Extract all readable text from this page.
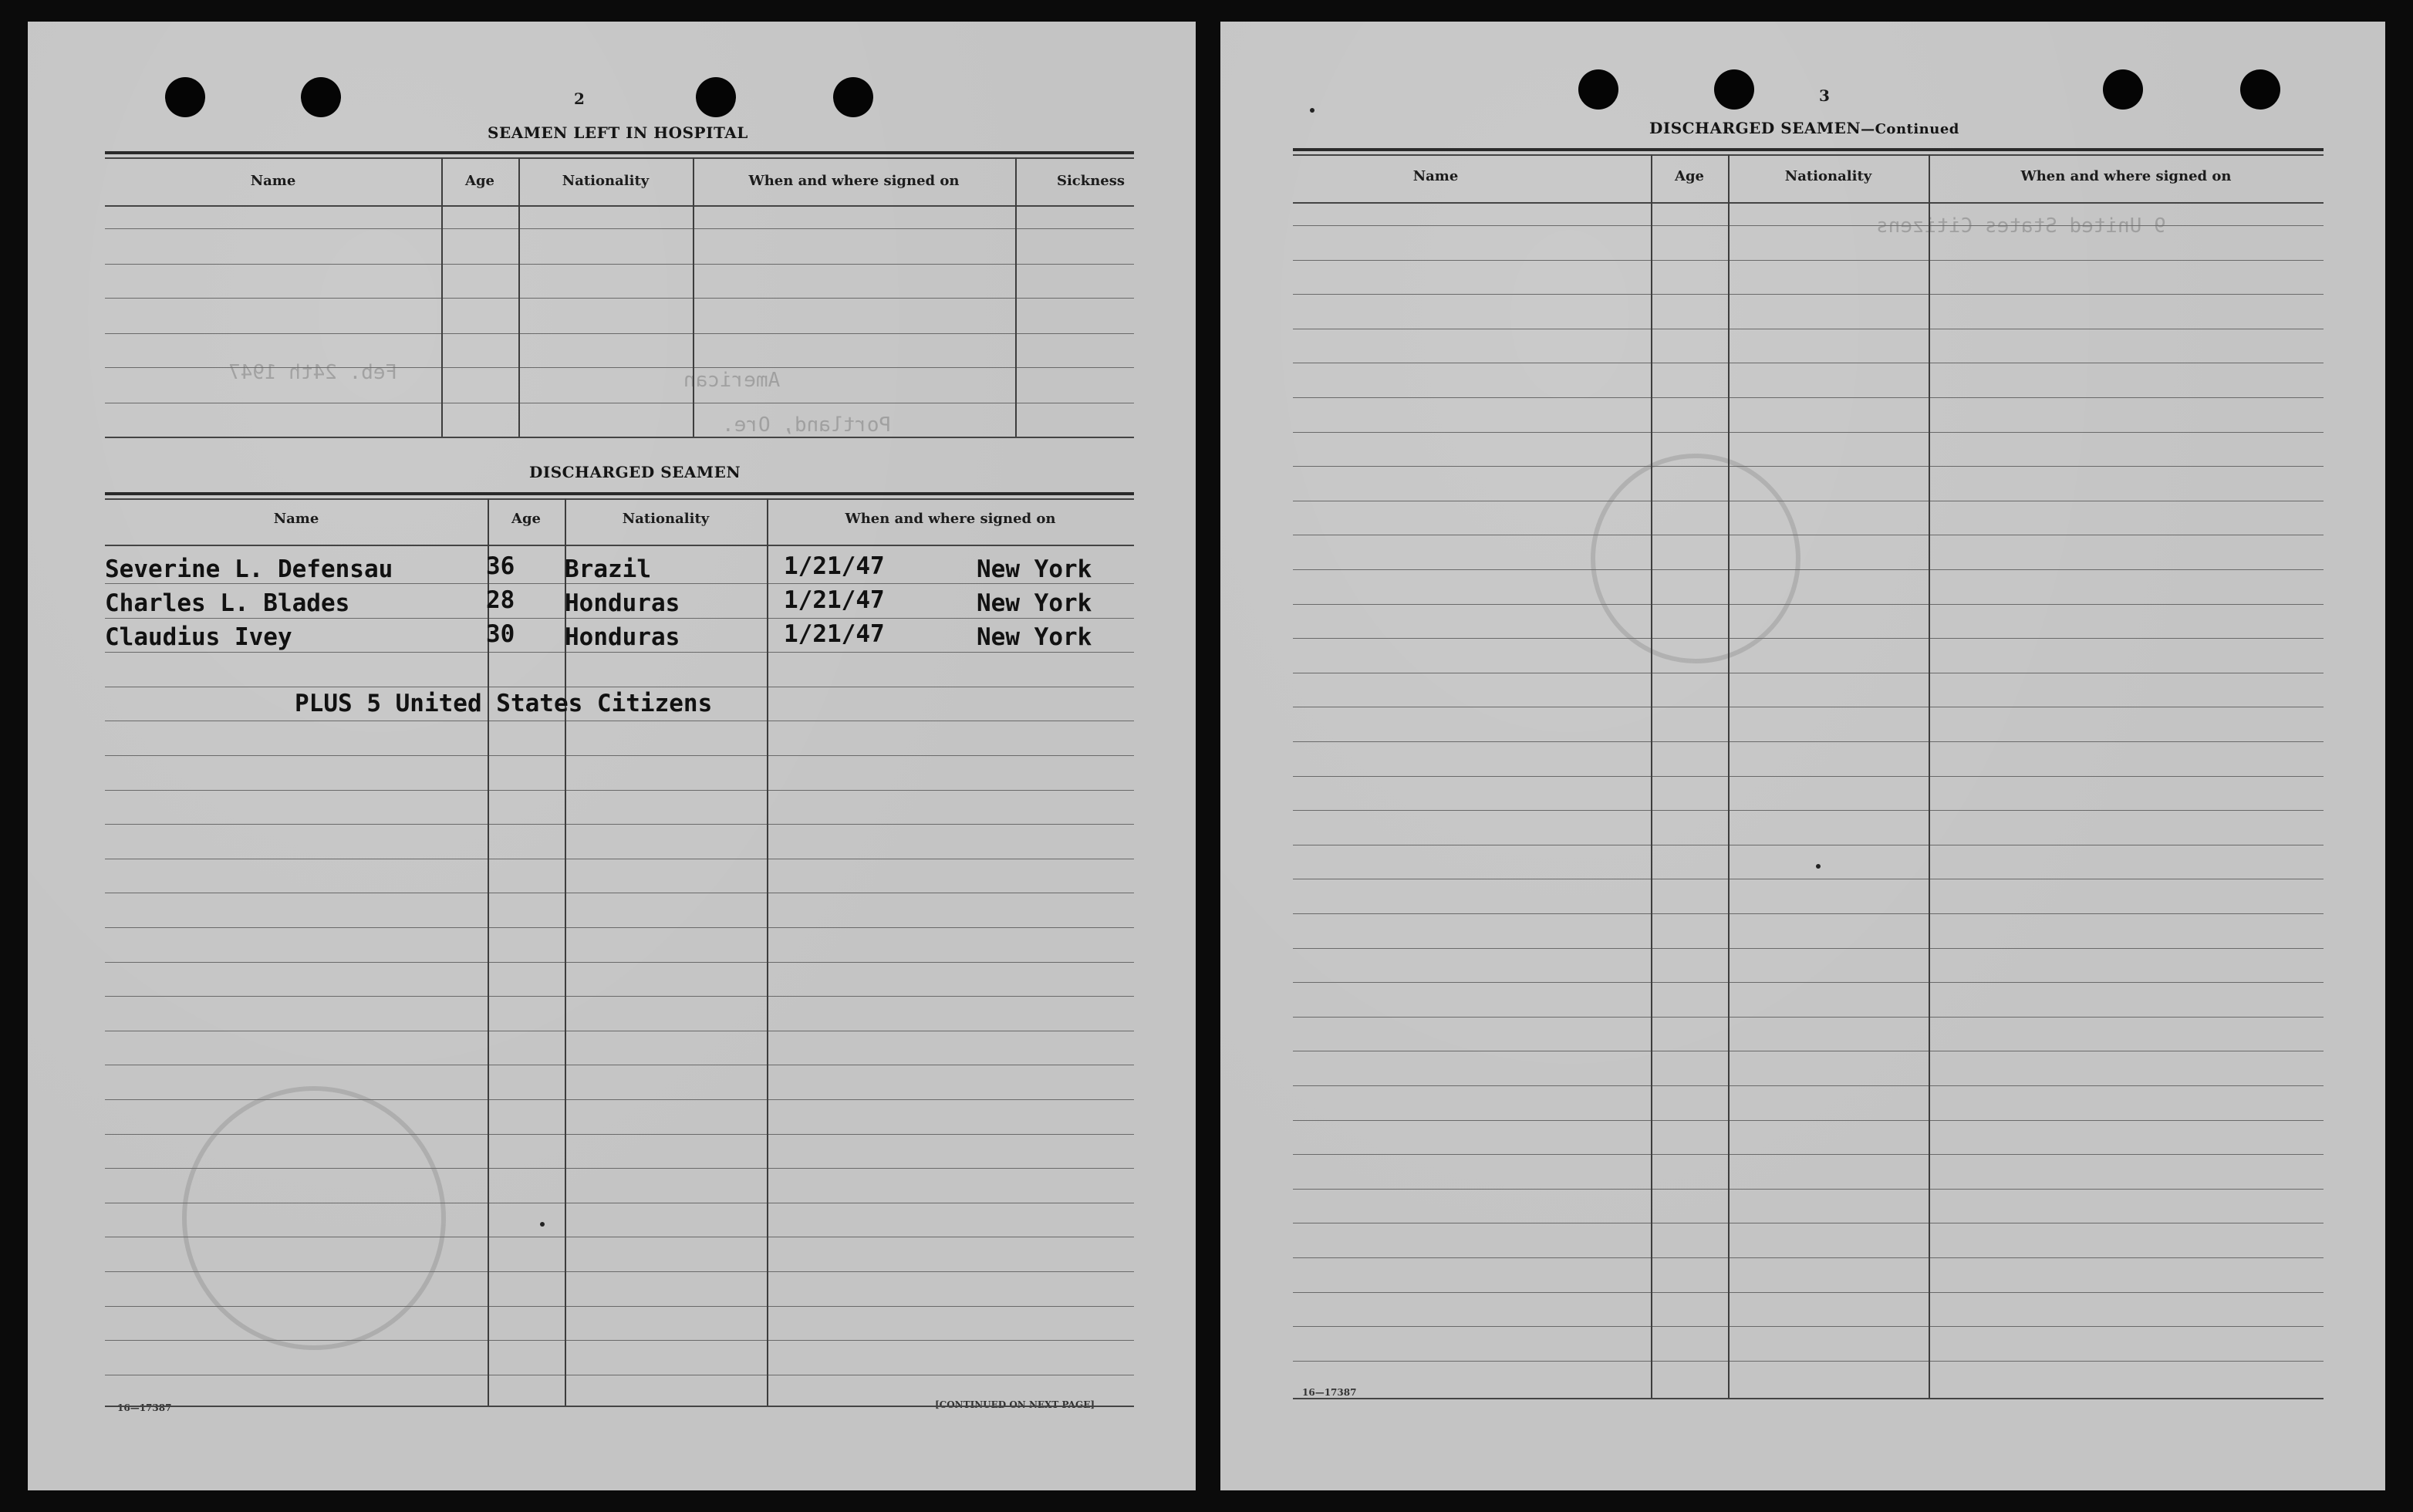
Feb. 24th 1947	American
Portland, Ore.
2
SEAMEN LEFT IN HOSPITAL
Name	Age	Nationality	When and where signed on	Sickness
DISCHARGED SEAMEN
Name	Age	Nationality	When and where signed on
Severine L. Defensau	36 Brazil	1/21/47	New York
Charles L. Blades	28 Honduras	1/21/47	New York
Claudius Ivey	30 Honduras	1/21/47	New York
PLUS 5 United States Citizens
16—17387	[CONTINUED ON NEXT PAGE]
9 United States Citizens
3
DISCHARGED SEAMEN—Continued
Name	Age	Nationality	When and where signed on
16—17387
